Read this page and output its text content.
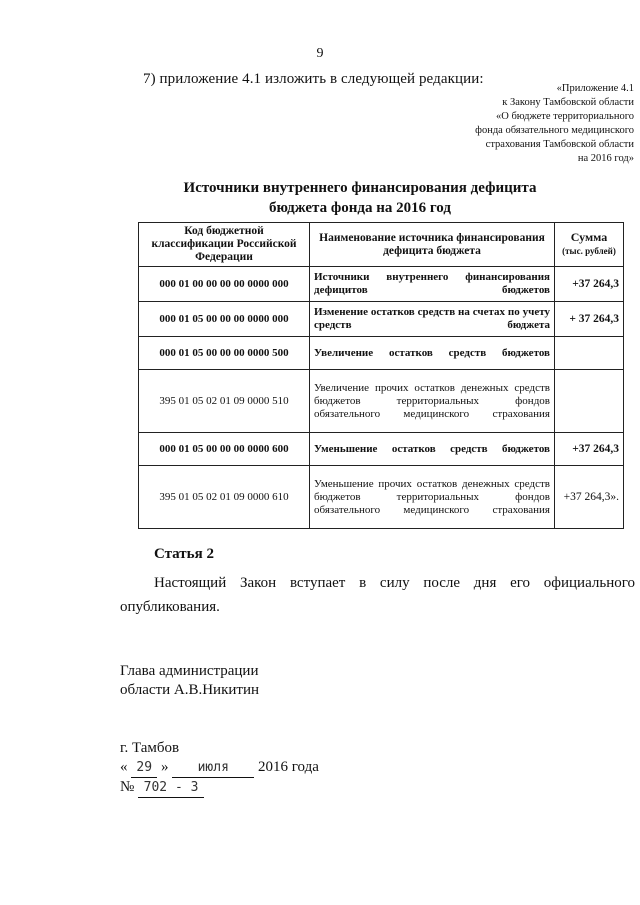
9
7) приложение 4.1 изложить в следующей редакции:
«Приложение 4.1
к Закону Тамбовской области
«О бюджете территориального
фонда обязательного медицинского
страхования Тамбовской области
на 2016 год»
Источники внутреннего финансирования дефицита
бюджета фонда на 2016 год
Код бюджетной классификации Российской Федерации	Наименование источника финансирования дефицита бюджета	Сумма
(тыс. рублей)
000 01 00 00 00 00 0000 000	Источники внутреннего финансирования дефицитов бюджетов	+37 264,3
000 01 05 00 00 00 0000 000	Изменение остатков средств на счетах по учету средств бюджета	+ 37 264,3
000 01 05 00 00 00 0000 500	Увеличение остатков средств бюджетов	
395 01 05 02 01 09 0000 510	Увеличение прочих остатков денежных средств бюджетов территориальных фондов обязательного медицинского страхования	
000 01 05 00 00 00 0000 600	Уменьшение остатков средств бюджетов	+37 264,3
395 01 05 02 01 09 0000 610	Уменьшение прочих остатков денежных средств бюджетов территориальных фондов обязательного медицинского страхования	+37 264,3».
Статья 2
Настоящий Закон вступает в силу после дня его официального опубликования.
Глава администрации
области А.В.Никитин
г. Тамбов
« 29 » июля 2016 года
№ 702 - З
